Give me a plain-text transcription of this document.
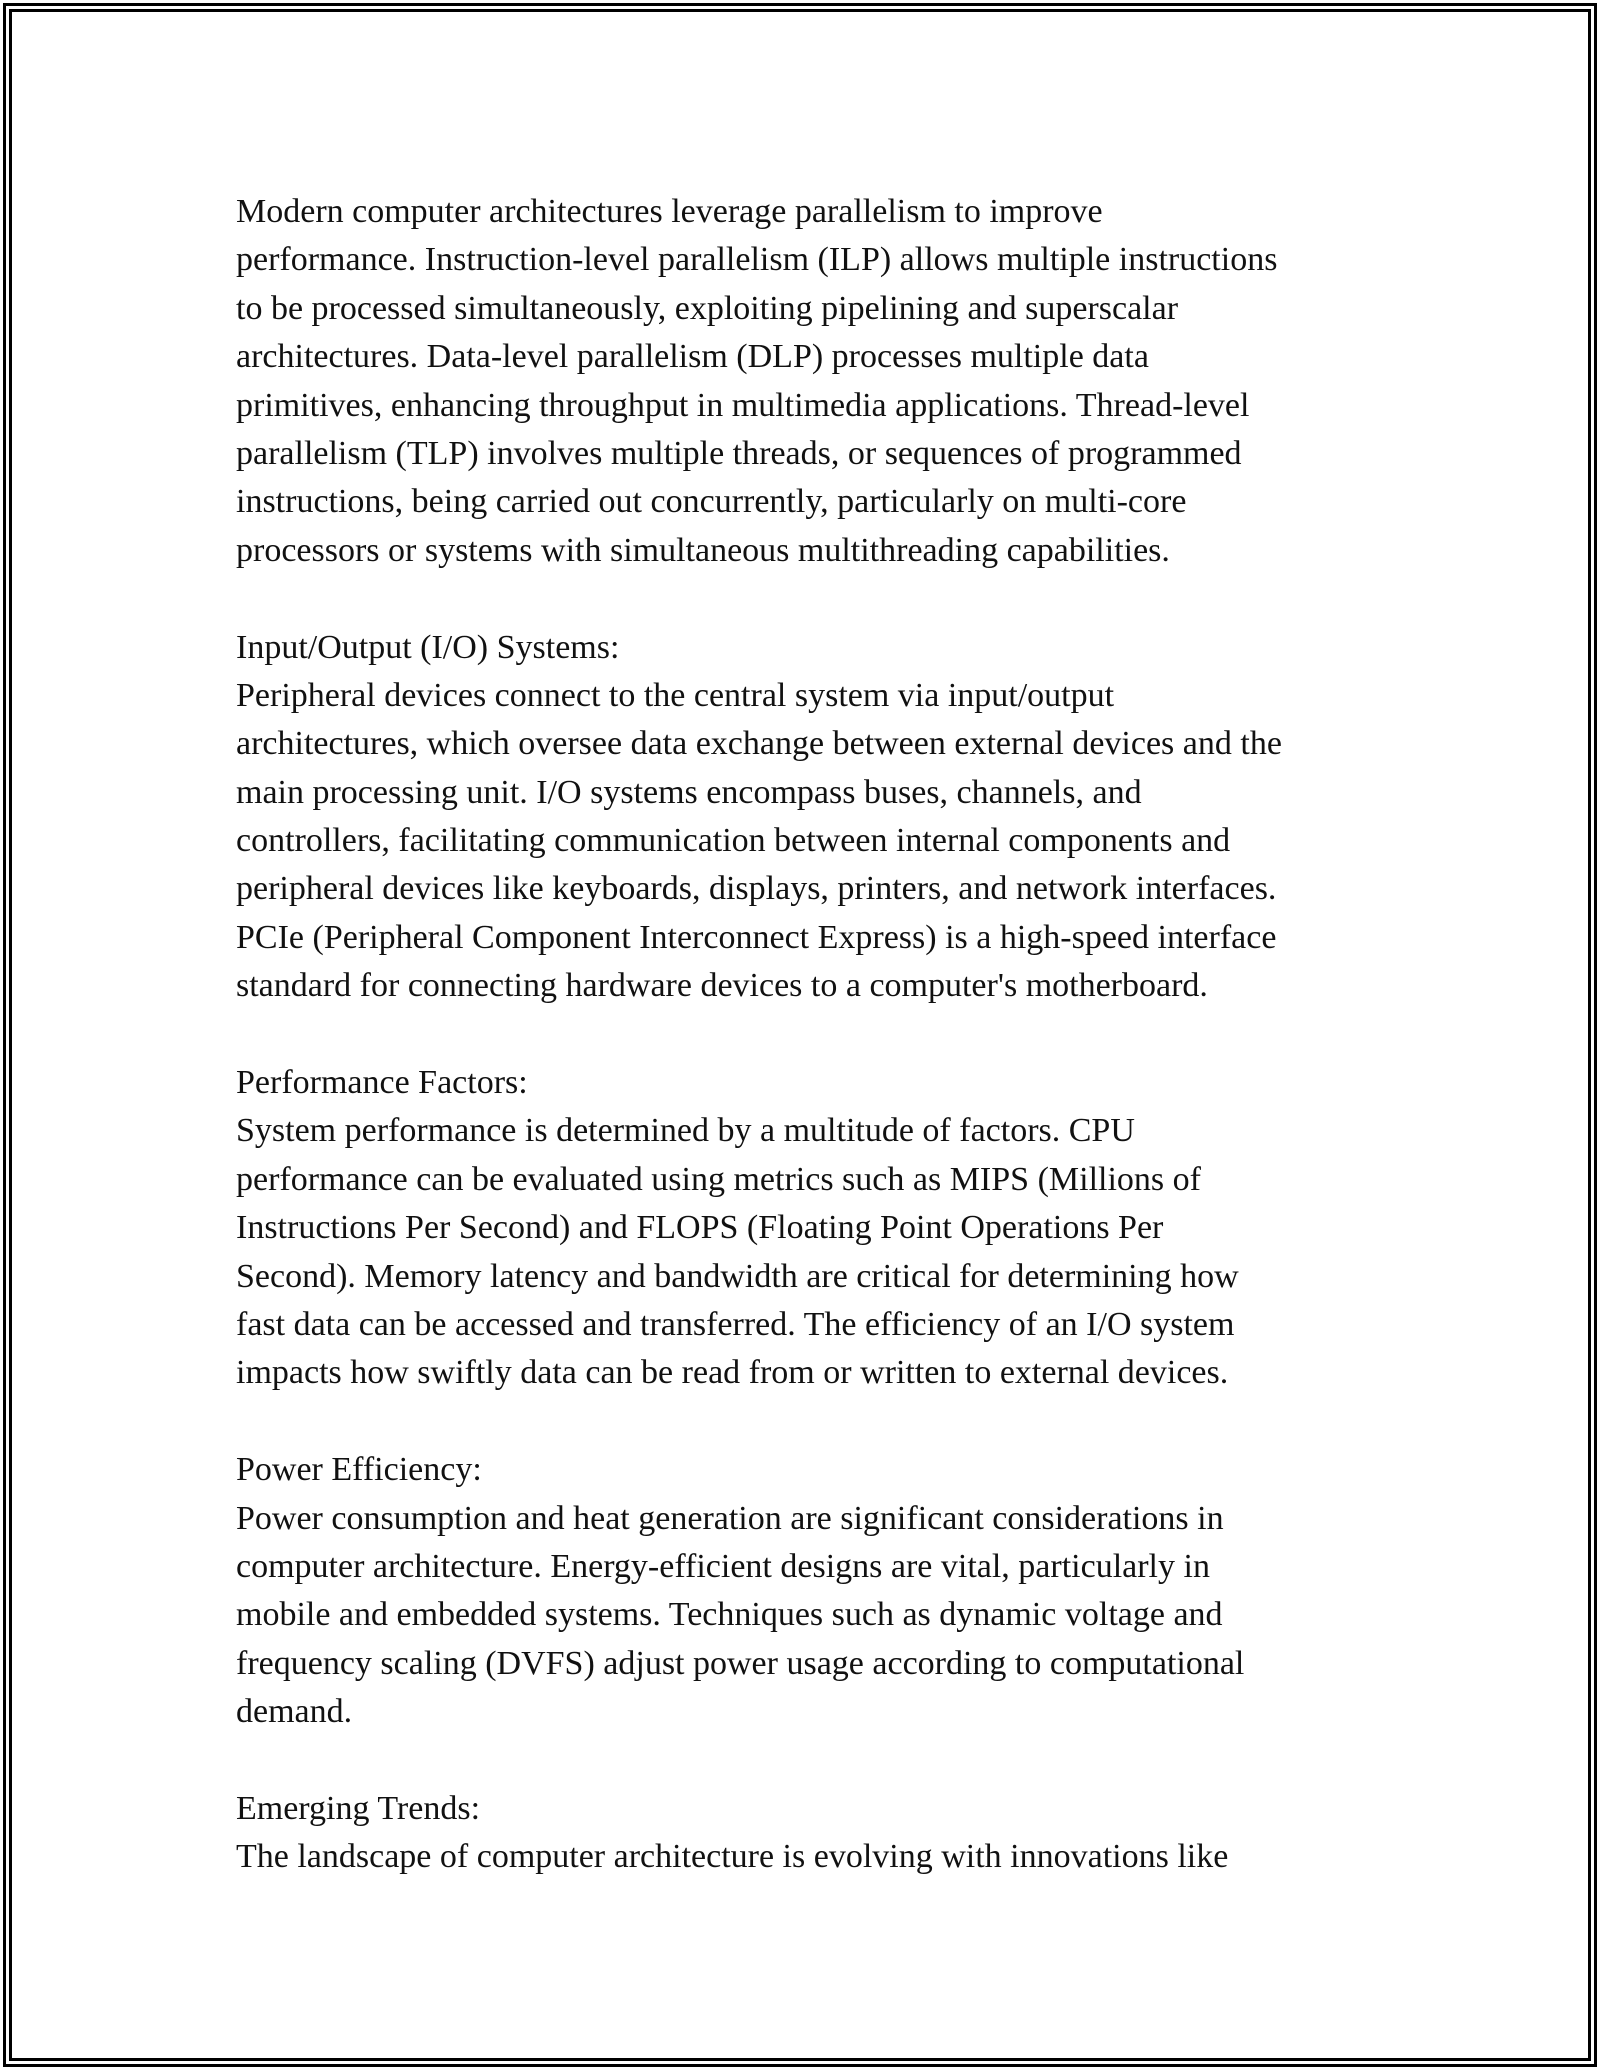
Modern computer architectures leverage parallelism to improve
performance. Instruction-level parallelism (ILP) allows multiple instructions
to be processed simultaneously, exploiting pipelining and superscalar
architectures. Data-level parallelism (DLP) processes multiple data
primitives, enhancing throughput in multimedia applications. Thread-level
parallelism (TLP) involves multiple threads, or sequences of programmed
instructions, being carried out concurrently, particularly on multi-core
processors or systems with simultaneous multithreading capabilities.
Input/Output (I/O) Systems:
Peripheral devices connect to the central system via input/output
architectures, which oversee data exchange between external devices and the
main processing unit. I/O systems encompass buses, channels, and
controllers, facilitating communication between internal components and
peripheral devices like keyboards, displays, printers, and network interfaces.
PCIe (Peripheral Component Interconnect Express) is a high-speed interface
standard for connecting hardware devices to a computer's motherboard.
Performance Factors:
System performance is determined by a multitude of factors. CPU
performance can be evaluated using metrics such as MIPS (Millions of
Instructions Per Second) and FLOPS (Floating Point Operations Per
Second). Memory latency and bandwidth are critical for determining how
fast data can be accessed and transferred. The efficiency of an I/O system
impacts how swiftly data can be read from or written to external devices.
Power Efficiency:
Power consumption and heat generation are significant considerations in
computer architecture. Energy-efficient designs are vital, particularly in
mobile and embedded systems. Techniques such as dynamic voltage and
frequency scaling (DVFS) adjust power usage according to computational
demand.
Emerging Trends:
The landscape of computer architecture is evolving with innovations like
